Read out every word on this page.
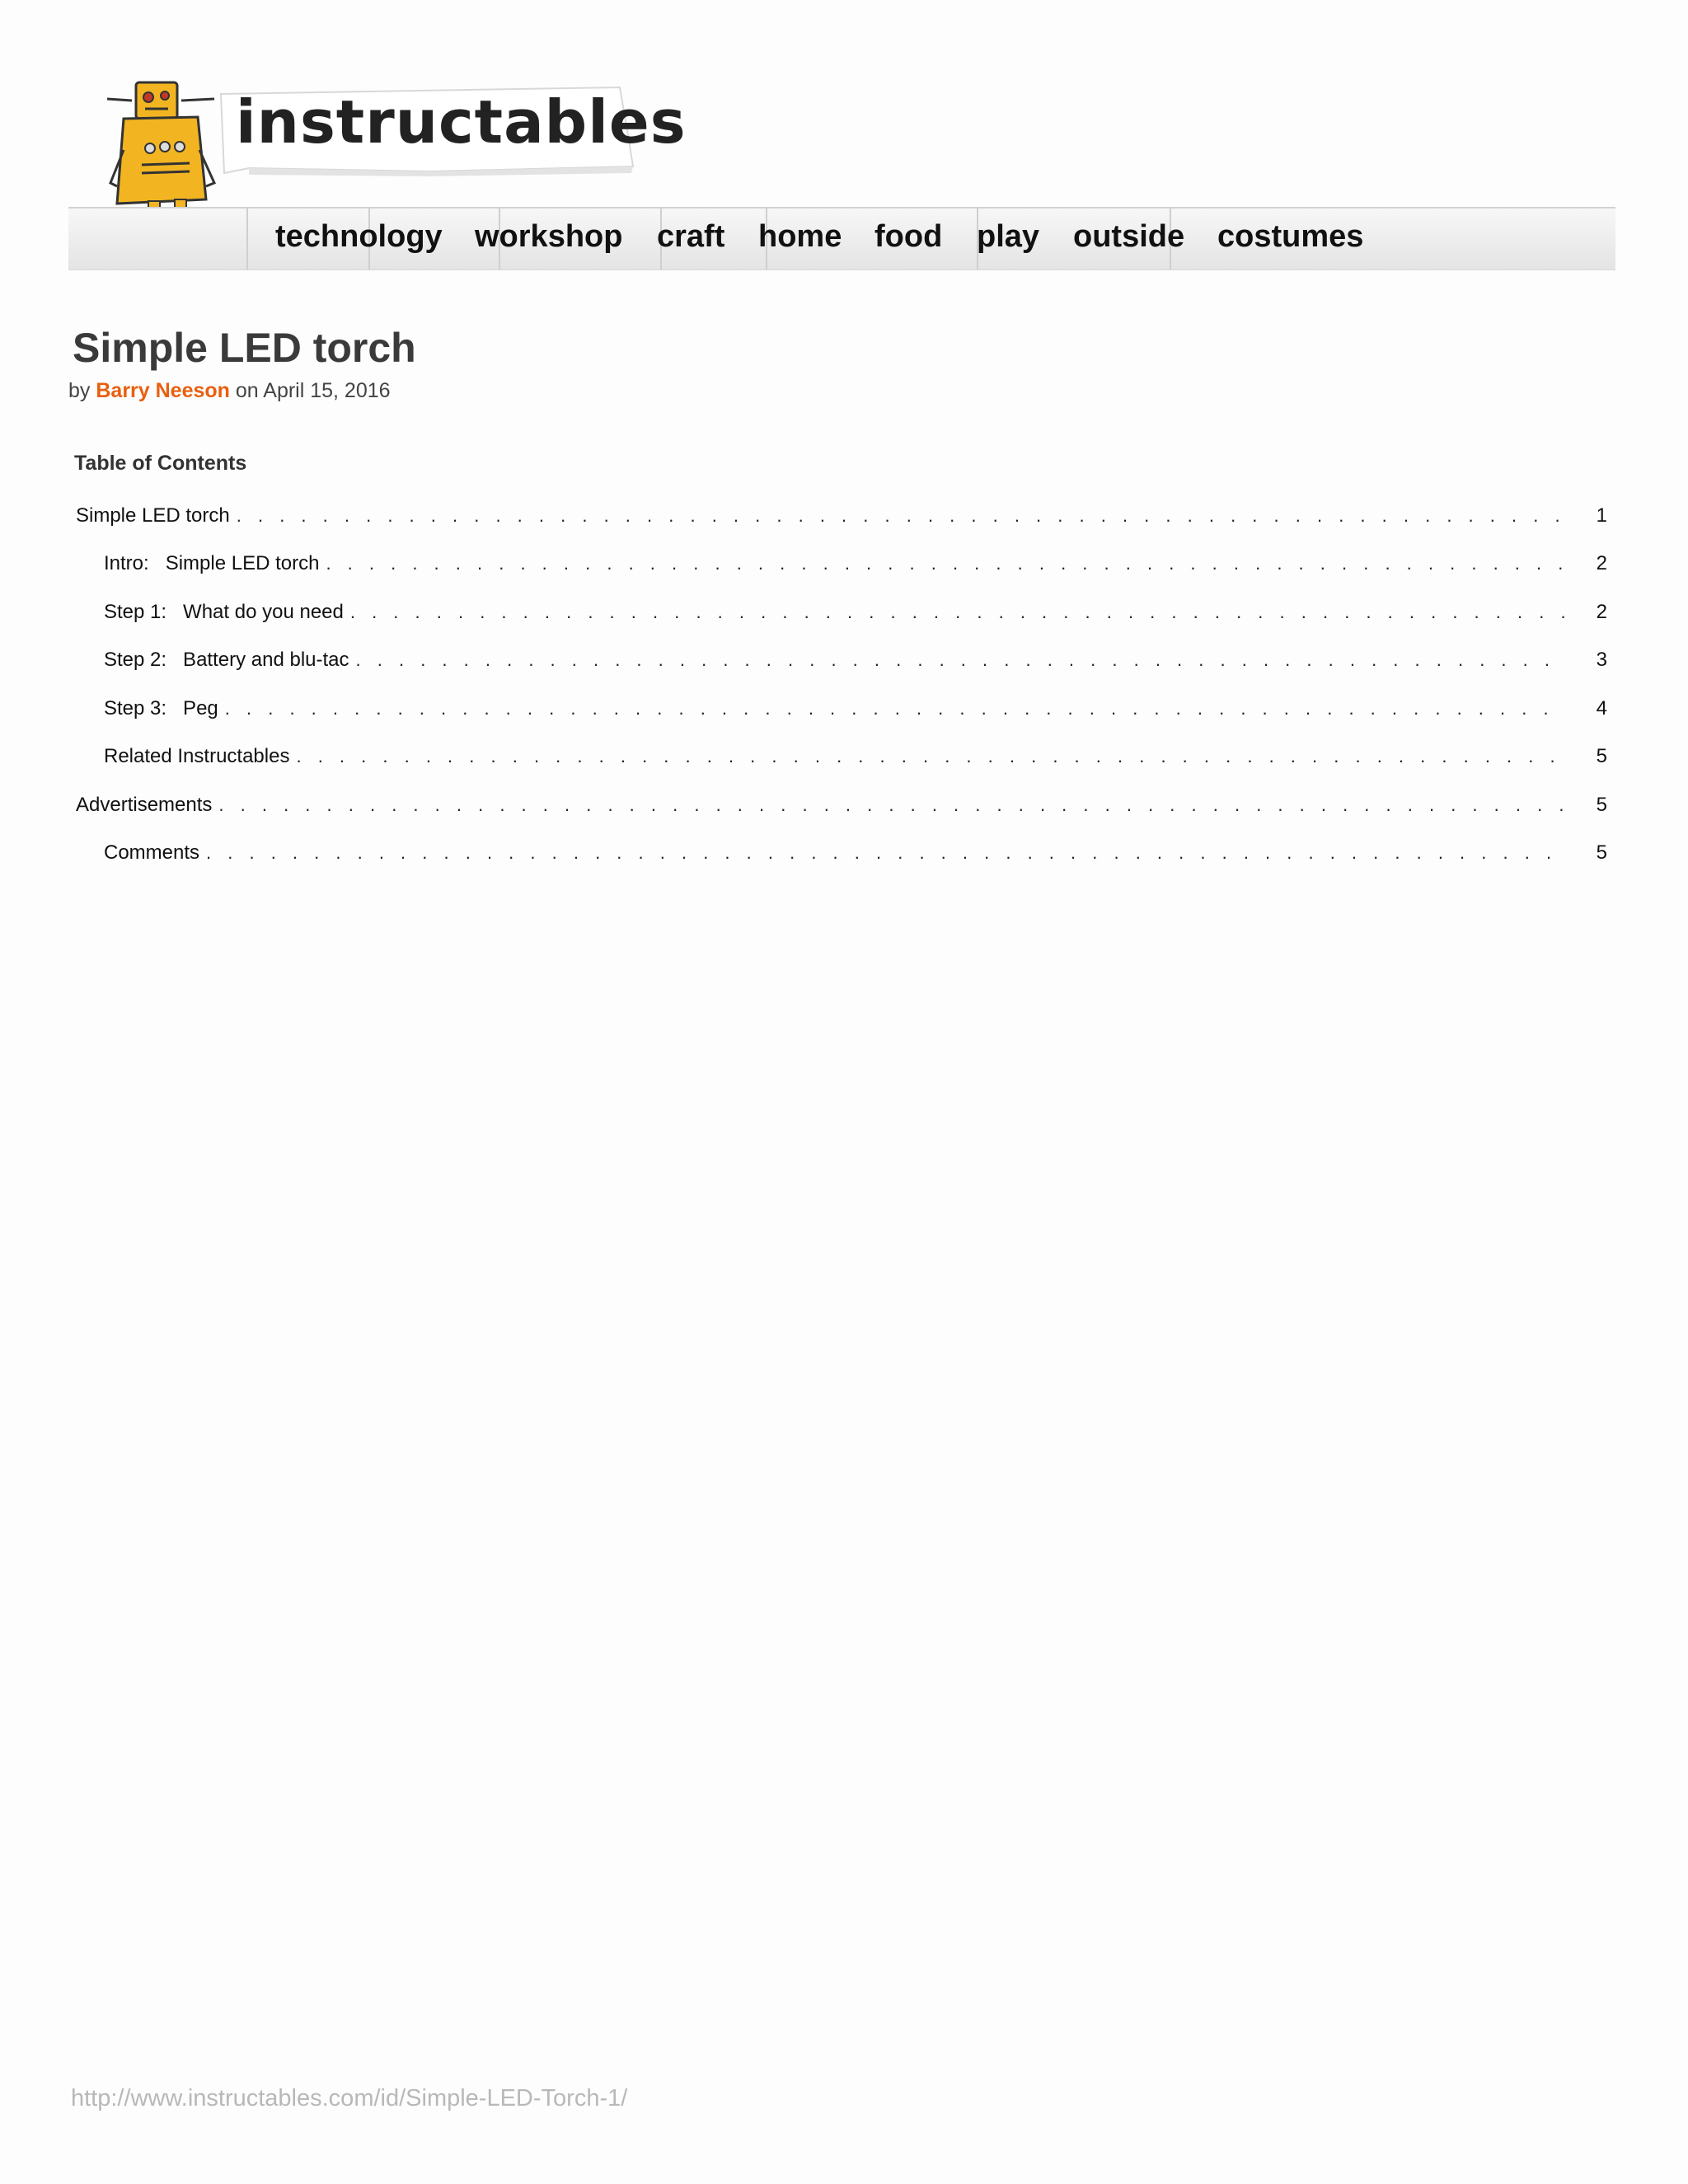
instructables
technology workshop craft home food play outside costumes
Simple LED torch
by Barry Neeson on April 15, 2016
Table of Contents
Simple LED torch . . .	1
Intro:   Simple LED torch . . .	2
Step 1:   What do you need . . .	2
Step 2:   Battery and blu-tac . . .	3
Step 3:   Peg . . .	4
Related Instructables . . .	5
Advertisements . . .	5
Comments . . .	5
http://www.instructables.com/id/Simple-LED-Torch-1/
